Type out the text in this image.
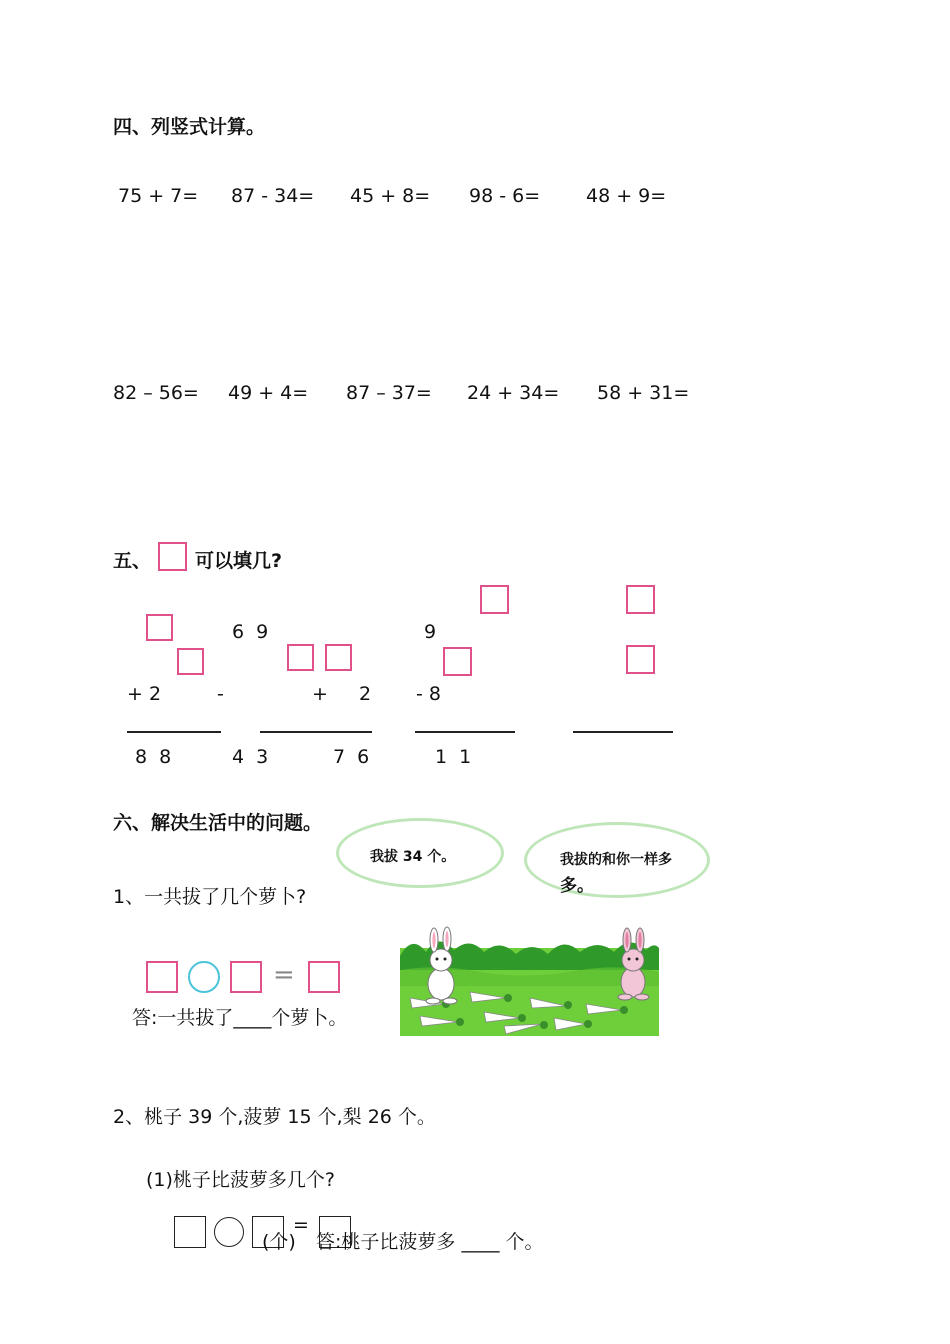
四、列竖式计算。
75 + 7= 87 - 34= 45 + 8= 98 - 6= 48 + 9=
82 – 56= 49 + 4= 87 – 37= 24 + 34= 58 + 31=
五、 可以填几?
+ 2
8  8
6  9
-
4  3
+ 2
7  6
9
- 8
1  1
六、解决生活中的问题。
我拔 34 个。	我拔的和你一样多
多。
1、一共拔了几个萝卜?
=
答:一共拔了____个萝卜。
2、桃子 39 个,菠萝 15 个,梨 26 个。
(1)桃子比菠萝多几个?
=
(个) 答:桃子比菠萝多 ____ 个。
